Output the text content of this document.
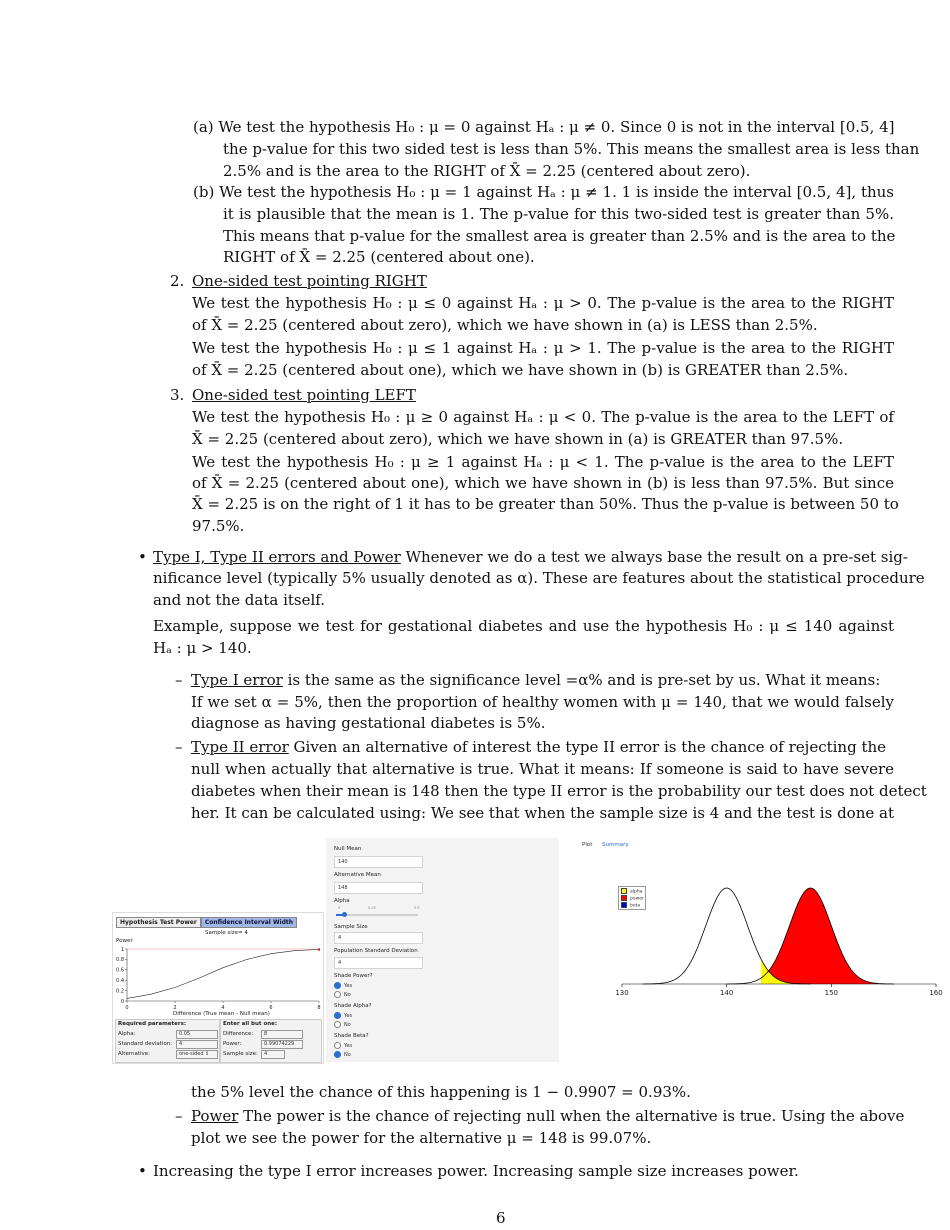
(a) We test the hypothesis H₀ : μ = 0 against Hₐ : μ ≠ 0. Since 0 is not in the interval [0.5, 4]
the p-value for this two sided test is less than 5%. This means the smallest area is less than
2.5% and is the area to the RIGHT of X̄ = 2.25 (centered about zero).
(b) We test the hypothesis H₀ : μ = 1 against Hₐ : μ ≠ 1. 1 is inside the interval [0.5, 4], thus
it is plausible that the mean is 1. The p-value for this two-sided test is greater than 5%.
This means that p-value for the smallest area is greater than 2.5% and is the area to the
RIGHT of X̄ = 2.25 (centered about one).
2. One-sided test pointing RIGHT
We test the hypothesis H₀ : μ ≤ 0 against Hₐ : μ > 0. The p-value is the area to the RIGHT
of X̄ = 2.25 (centered about zero), which we have shown in (a) is LESS than 2.5%.
We test the hypothesis H₀ : μ ≤ 1 against Hₐ : μ > 1. The p-value is the area to the RIGHT
of X̄ = 2.25 (centered about one), which we have shown in (b) is GREATER than 2.5%.
3. One-sided test pointing LEFT
We test the hypothesis H₀ : μ ≥ 0 against Hₐ : μ < 0. The p-value is the area to the LEFT of
X̄ = 2.25 (centered about zero), which we have shown in (a) is GREATER than 97.5%.
We test the hypothesis H₀ : μ ≥ 1 against Hₐ : μ < 1. The p-value is the area to the LEFT
of X̄ = 2.25 (centered about one), which we have shown in (b) is less than 97.5%. But since
X̄ = 2.25 is on the right of 1 it has to be greater than 50%. Thus the p-value is between 50 to
97.5%.
• Type I, Type II errors and Power Whenever we do a test we always base the result on a pre-set sig-
nificance level (typically 5% usually denoted as α). These are features about the statistical procedure
and not the data itself.
Example, suppose we test for gestational diabetes and use the hypothesis H₀ : μ ≤ 140 against
Hₐ : μ > 140.
– Type I error is the same as the significance level =α% and is pre-set by us. What it means:
If we set α = 5%, then the proportion of healthy women with μ = 140, that we would falsely
diagnose as having gestational diabetes is 5%.
– Type II error Given an alternative of interest the type II error is the chance of rejecting the
null when actually that alternative is true. What it means: If someone is said to have severe
diabetes when their mean is 148 then the type II error is the probability our test does not detect
her. It can be calculated using: We see that when the sample size is 4 and the test is done at
Hypothesis Test Power	Confidence Interval Width
Sample size= 4
Power
1
0.8
0.6
0.4
0.2
0
0	2	4	6	8
Difference (True mean - Null mean)
Required parameters:
Alpha:	0.05
Standard deviation:	4
Alternative:	one-sided ⇕
Enter all but one:
Difference:	8
Power:	0.99074229
Sample size:	4
Null Mean
140
Alternative Mean
148
Alpha
0	0.05	0.5
Sample Size
4
Population Standard Deviation
4
Shade Power?
Yes
No
Shade Alpha?
Yes
No
Shade Beta?
Yes
No
Plot Summary
alpha
power
beta
130	140	150	160
the 5% level the chance of this happening is 1 − 0.9907 = 0.93%.
– Power The power is the chance of rejecting null when the alternative is true. Using the above
plot we see the power for the alternative μ = 148 is 99.07%.
• Increasing the type I error increases power. Increasing sample size increases power.
6
